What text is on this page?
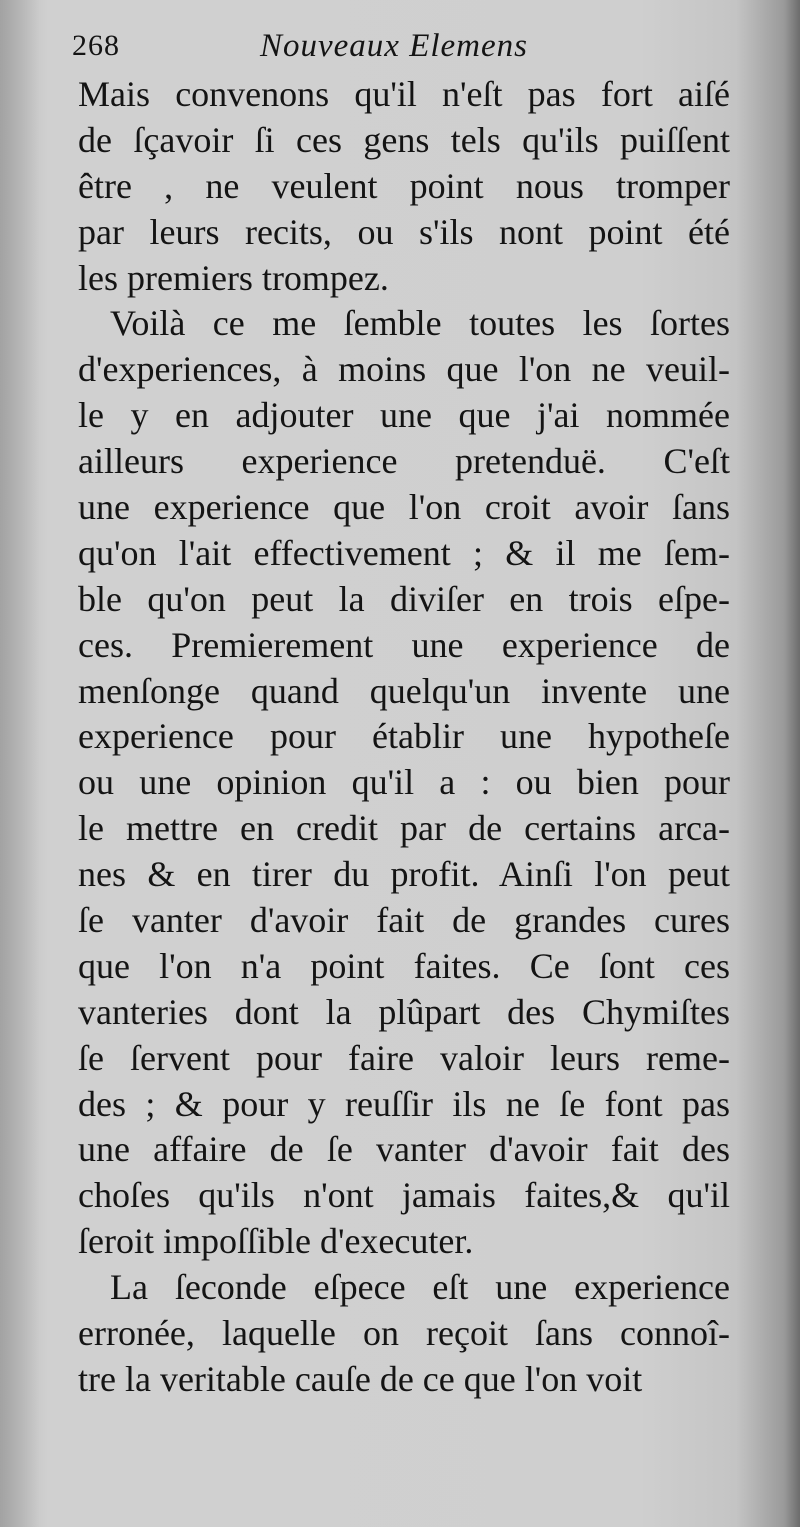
268	Nouveaux Elemens
Mais convenons qu'il n'eſt pas fort aiſé
de ſçavoir ſi ces gens tels qu'ils puiſſent
être , ne veulent point nous tromper
par leurs recits, ou s'ils nont point été
les premiers trompez.
Voilà ce me ſemble toutes les ſortes
d'experiences, à moins que l'on ne veuil-
le y en adjouter une que j'ai nommée
ailleurs experience pretenduë. C'eſt
une experience que l'on croit avoir ſans
qu'on l'ait effectivement ; & il me ſem-
ble qu'on peut la diviſer en trois eſpe-
ces. Premierement une experience de
menſonge quand quelqu'un invente une
experience pour établir une hypotheſe
ou une opinion qu'il a : ou bien pour
le mettre en credit par de certains arca-
nes & en tirer du profit. Ainſi l'on peut
ſe vanter d'avoir fait de grandes cures
que l'on n'a point faites. Ce ſont ces
vanteries dont la plûpart des Chymiſtes
ſe ſervent pour faire valoir leurs reme-
des ; & pour y reuſſir ils ne ſe font pas
une affaire de ſe vanter d'avoir fait des
choſes qu'ils n'ont jamais faites,& qu'il
ſeroit impoſſible d'executer.
La ſeconde eſpece eſt une experience
erronée, laquelle on reçoit ſans connoî-
tre la veritable cauſe de ce que l'on voit
